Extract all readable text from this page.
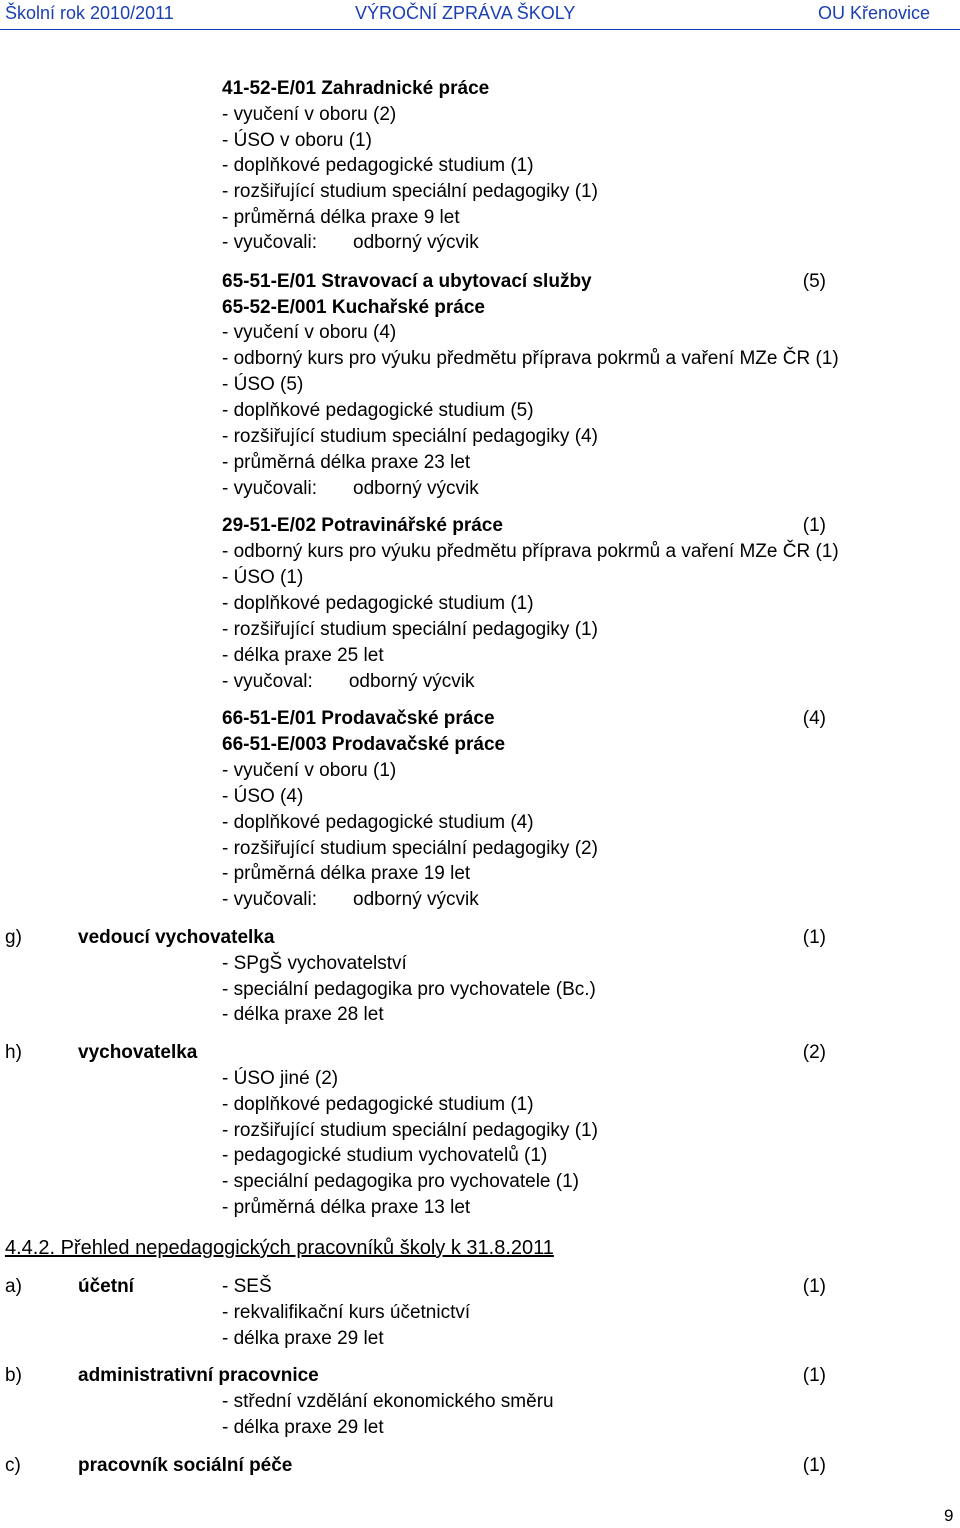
Školní rok 2010/2011	VÝROČNÍ ZPRÁVA ŠKOLY	OU Křenovice
41-52-E/01 Zahradnické práce
- vyučení v oboru (2)
- ÚSO v oboru (1)
- doplňkové pedagogické studium (1)
- rozšiřující studium speciální pedagogiky (1)
- průměrná délka praxe 9 let
- vyučovali: odborný výcvik
65-51-E/01 Stravovací a ubytovací služby	(5)
65-52-E/001 Kuchařské práce
- vyučení v oboru (4)
- odborný kurs pro výuku předmětu příprava pokrmů a vaření MZe ČR (1)
- ÚSO (5)
- doplňkové pedagogické studium (5)
- rozšiřující studium speciální pedagogiky (4)
- průměrná délka praxe 23 let
- vyučovali: odborný výcvik
29-51-E/02 Potravinářské práce	(1)
- odborný kurs pro výuku předmětu příprava pokrmů a vaření MZe ČR (1)
- ÚSO (1)
- doplňkové pedagogické studium (1)
- rozšiřující studium speciální pedagogiky (1)
- délka praxe 25 let
- vyučoval: odborný výcvik
66-51-E/01 Prodavačské práce	(4)
66-51-E/003 Prodavačské práce
- vyučení v oboru (1)
- ÚSO (4)
- doplňkové pedagogické studium (4)
- rozšiřující studium speciální pedagogiky (2)
- průměrná délka praxe 19 let
- vyučovali: odborný výcvik
g)	vedoucí vychovatelka	(1)
- SPgŠ vychovatelství
- speciální pedagogika pro vychovatele (Bc.)
- délka praxe 28 let
h)	vychovatelka	(2)
- ÚSO jiné (2)
- doplňkové pedagogické studium (1)
- rozšiřující studium speciální pedagogiky (1)
- pedagogické studium vychovatelů (1)
- speciální pedagogika pro vychovatele (1)
- průměrná délka praxe 13 let
4.4.2. Přehled nepedagogických pracovníků školy k 31.8.2011
a)	účetní	- SEŠ	(1)
- rekvalifikační kurs účetnictví
- délka praxe 29 let
b)	administrativní pracovnice	(1)
- střední vzdělání ekonomického směru
- délka praxe 29 let
c)	pracovník sociální péče	(1)
9
